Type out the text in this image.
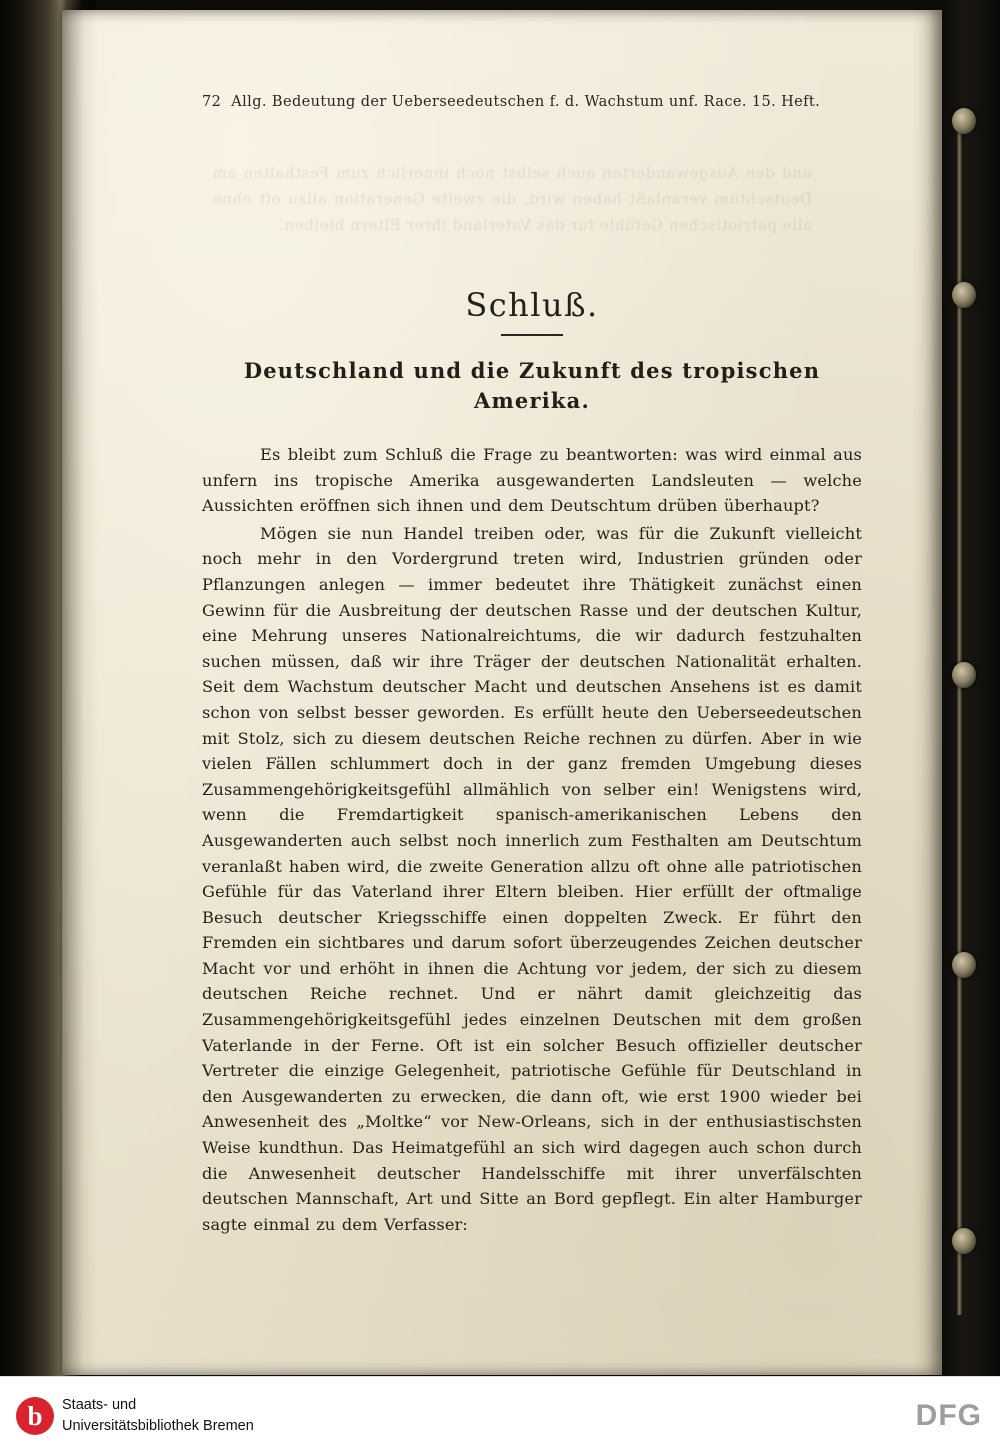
und den Ausgewanderten auch selbst noch innerlich zum Festhalten am Deutschtum veranlaßt haben wird, die zweite Generation allzu oft ohne alle patriotischen Gefühle für das Vaterland ihrer Eltern bleiben.
72 Allg. Bedeutung der Ueberseedeutschen f. d. Wachstum unf. Race. 15. Heft.
Schluß.
Deutschland und die Zukunft des tropischen Amerika.

Es bleibt zum Schluß die Frage zu beantworten: was wird einmal aus unfern ins tropische Amerika ausgewanderten Landsleuten — welche Aussichten eröffnen sich ihnen und dem Deutschtum drüben überhaupt?

Mögen sie nun Handel treiben oder, was für die Zukunft vielleicht noch mehr in den Vordergrund treten wird, Industrien gründen oder Pflanzungen anlegen — immer bedeutet ihre Thätigkeit zunächst einen Gewinn für die Ausbreitung der deutschen Rasse und der deutschen Kultur, eine Mehrung unseres Nationalreichtums, die wir dadurch festzuhalten suchen müssen, daß wir ihre Träger der deutschen Nationalität erhalten. Seit dem Wachstum deutscher Macht und deutschen Ansehens ist es damit schon von selbst besser geworden. Es erfüllt heute den Ueberseedeutschen mit Stolz, sich zu diesem deutschen Reiche rechnen zu dürfen. Aber in wie vielen Fällen schlummert doch in der ganz fremden Umgebung dieses Zusammengehörigkeitsgefühl allmählich von selber ein! Wenigstens wird, wenn die Fremdartigkeit spanisch-amerikanischen Lebens den Ausgewanderten auch selbst noch innerlich zum Festhalten am Deutschtum veranlaßt haben wird, die zweite Generation allzu oft ohne alle patriotischen Gefühle für das Vaterland ihrer Eltern bleiben. Hier erfüllt der oftmalige Besuch deutscher Kriegsschiffe einen doppelten Zweck. Er führt den Fremden ein sichtbares und darum sofort überzeugendes Zeichen deutscher Macht vor und erhöht in ihnen die Achtung vor jedem, der sich zu diesem deutschen Reiche rechnet. Und er nährt damit gleichzeitig das Zusammengehörigkeitsgefühl jedes einzelnen Deutschen mit dem großen Vaterlande in der Ferne. Oft ist ein solcher Besuch offizieller deutscher Vertreter die einzige Gelegenheit, patriotische Gefühle für Deutschland in den Ausgewanderten zu erwecken, die dann oft, wie erst 1900 wieder bei Anwesenheit des „Moltke“ vor New-Orleans, sich in der enthusiastischsten Weise kundthun. Das Heimatgefühl an sich wird dagegen auch schon durch die Anwesenheit deutscher Handelsschiffe mit ihrer unverfälschten deutschen Mannschaft, Art und Sitte an Bord gepflegt. Ein alter Hamburger sagte einmal zu dem Verfasser:

b	Staats- und
Universitätsbibliothek Bremen	DFG
